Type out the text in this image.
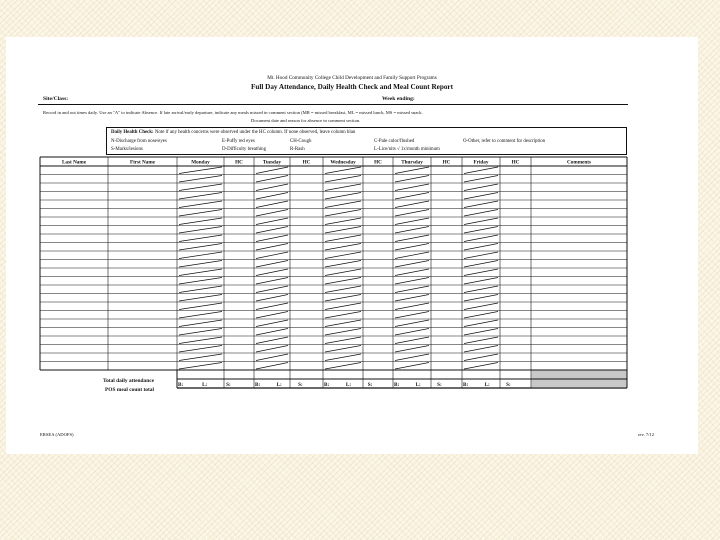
Mt. Hood Community College Child Development and Family Support Programs
Full Day Attendance, Daily Health Check and Meal Count Report
Site/Class:	Week ending:
Record in and out times daily. Use an "A" to indicate Absence. If late arrival/early departure, indicate any meals missed in comment section (MB = missed breakfast, ML = missed lunch, MS = missed snack.
Document date and reason for absence in comment section.
Daily Health Check: Note if any health concerns were observed under the HC column. If none observed, leave column blan
N-Discharge from nose/eyes	E-Puffy red eyes	CH-Cough	C-Pale color/flushed	O-Other, refer to comment for description
S-Marks/lesions	D-Difficulty breathing	R-Rash	L-Lice/nits √ 1x/month minimum
Last Name	First Name	Monday	HC	Tuesday	HC	Wednesday	HC	Thursday	HC	Friday	HC	Comments
B:	L:	S:	B:	L:	S:	B:	L:	S:	B:	L:	S:	B:	L:	S:
Total daily attendance
POS meal count total
ERSEA (ADOFS)	rev. 7/12
